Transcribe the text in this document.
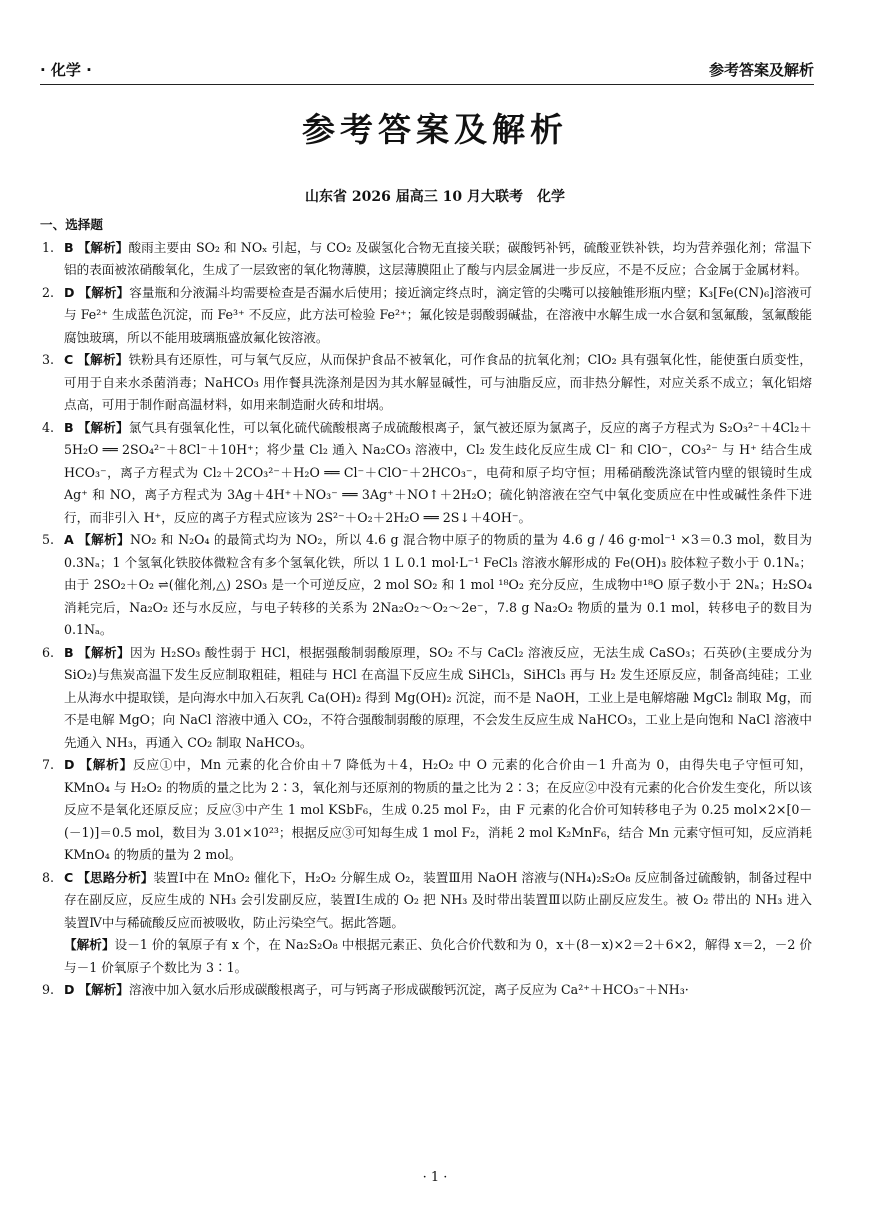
· 化学 ·	参考答案及解析
参考答案及解析
山东省 2026 届高三 10 月大联考　化学
一、选择题
1. B 【解析】酸雨主要由 SO₂ 和 NOₓ 引起，与 CO₂ 及碳氢化合物无直接关联；碳酸钙补钙，硫酸亚铁补铁，均为营养强化剂；常温下铝的表面被浓硝酸氧化，生成了一层致密的氧化物薄膜，这层薄膜阻止了酸与内层金属进一步反应，不是不反应；合金属于金属材料。
2. D 【解析】容量瓶和分液漏斗均需要检查是否漏水后使用；接近滴定终点时，滴定管的尖嘴可以接触锥形瓶内壁；K₃[Fe(CN)₆]溶液可与 Fe²⁺ 生成蓝色沉淀，而 Fe³⁺ 不反应，此方法可检验 Fe²⁺；氟化铵是弱酸弱碱盐，在溶液中水解生成一水合氨和氢氟酸，氢氟酸能腐蚀玻璃，所以不能用玻璃瓶盛放氟化铵溶液。
3. C 【解析】铁粉具有还原性，可与氧气反应，从而保护食品不被氧化，可作食品的抗氧化剂；ClO₂ 具有强氧化性，能使蛋白质变性，可用于自来水杀菌消毒；NaHCO₃ 用作餐具洗涤剂是因为其水解显碱性，可与油脂反应，而非热分解性，对应关系不成立；氧化铝熔点高，可用于制作耐高温材料，如用来制造耐火砖和坩埚。
4. B 【解析】氯气具有强氧化性，可以氧化硫代硫酸根离子成硫酸根离子，氯气被还原为氯离子，反应的离子方程式为 S₂O₃²⁻＋4Cl₂＋5H₂O ══ 2SO₄²⁻＋8Cl⁻＋10H⁺；将少量 Cl₂ 通入 Na₂CO₃ 溶液中，Cl₂ 发生歧化反应生成 Cl⁻ 和 ClO⁻，CO₃²⁻ 与 H⁺ 结合生成 HCO₃⁻，离子方程式为 Cl₂＋2CO₃²⁻＋H₂O ══ Cl⁻＋ClO⁻＋2HCO₃⁻，电荷和原子均守恒；用稀硝酸洗涤试管内壁的银镜时生成 Ag⁺ 和 NO，离子方程式为 3Ag＋4H⁺＋NO₃⁻ ══ 3Ag⁺＋NO↑＋2H₂O；硫化钠溶液在空气中氧化变质应在中性或碱性条件下进行，而非引入 H⁺，反应的离子方程式应该为 2S²⁻＋O₂＋2H₂O ══ 2S↓＋4OH⁻。
5. A 【解析】NO₂ 和 N₂O₄ 的最简式均为 NO₂，所以 4.6 g 混合物中原子的物质的量为 4.6 g / 46 g·mol⁻¹ ×3＝0.3 mol，数目为 0.3Nₐ；1 个氢氧化铁胶体微粒含有多个氢氧化铁，所以 1 L 0.1 mol·L⁻¹ FeCl₃ 溶液水解形成的 Fe(OH)₃ 胶体粒子数小于 0.1Nₐ；由于 2SO₂＋O₂ ⇌(催化剂,△) 2SO₃ 是一个可逆反应，2 mol SO₂ 和 1 mol ¹⁸O₂ 充分反应，生成物中¹⁸O 原子数小于 2Nₐ；H₂SO₄ 消耗完后，Na₂O₂ 还与水反应，与电子转移的关系为 2Na₂O₂～O₂～2e⁻，7.8 g Na₂O₂ 物质的量为 0.1 mol，转移电子的数目为 0.1Nₐ。
6. B 【解析】因为 H₂SO₃ 酸性弱于 HCl，根据强酸制弱酸原理，SO₂ 不与 CaCl₂ 溶液反应，无法生成 CaSO₃；石英砂(主要成分为 SiO₂)与焦炭高温下发生反应制取粗硅，粗硅与 HCl 在高温下反应生成 SiHCl₃，SiHCl₃ 再与 H₂ 发生还原反应，制备高纯硅；工业上从海水中提取镁，是向海水中加入石灰乳 Ca(OH)₂ 得到 Mg(OH)₂ 沉淀，而不是 NaOH，工业上是电解熔融 MgCl₂ 制取 Mg，而不是电解 MgO；向 NaCl 溶液中通入 CO₂，不符合强酸制弱酸的原理，不会发生反应生成 NaHCO₃，工业上是向饱和 NaCl 溶液中先通入 NH₃，再通入 CO₂ 制取 NaHCO₃。
7. D 【解析】反应①中，Mn 元素的化合价由＋7 降低为＋4，H₂O₂ 中 O 元素的化合价由－1 升高为 0，由得失电子守恒可知，KMnO₄ 与 H₂O₂ 的物质的量之比为 2∶3，氧化剂与还原剂的物质的量之比为 2∶3；在反应②中没有元素的化合价发生变化，所以该反应不是氧化还原反应；反应③中产生 1 mol KSbF₆，生成 0.25 mol F₂，由 F 元素的化合价可知转移电子为 0.25 mol×2×[0－(－1)]＝0.5 mol，数目为 3.01×10²³；根据反应③可知每生成 1 mol F₂，消耗 2 mol K₂MnF₆，结合 Mn 元素守恒可知，反应消耗 KMnO₄ 的物质的量为 2 mol。
8. C 【思路分析】装置Ⅰ中在 MnO₂ 催化下，H₂O₂ 分解生成 O₂，装置Ⅲ用 NaOH 溶液与(NH₄)₂S₂O₈ 反应制备过硫酸钠，制备过程中存在副反应，反应生成的 NH₃ 会引发副反应，装置Ⅰ生成的 O₂ 把 NH₃ 及时带出装置Ⅲ以防止副反应发生。被 O₂ 带出的 NH₃ 进入装置Ⅳ中与稀硫酸反应而被吸收，防止污染空气。据此答题。
【解析】设－1 价的氧原子有 x 个，在 Na₂S₂O₈ 中根据元素正、负化合价代数和为 0，x＋(8－x)×2＝2＋6×2，解得 x＝2，－2 价与－1 价氧原子个数比为 3∶1。
9. D 【解析】溶液中加入氨水后形成碳酸根离子，可与钙离子形成碳酸钙沉淀，离子反应为 Ca²⁺＋HCO₃⁻＋NH₃·
· 1 ·
